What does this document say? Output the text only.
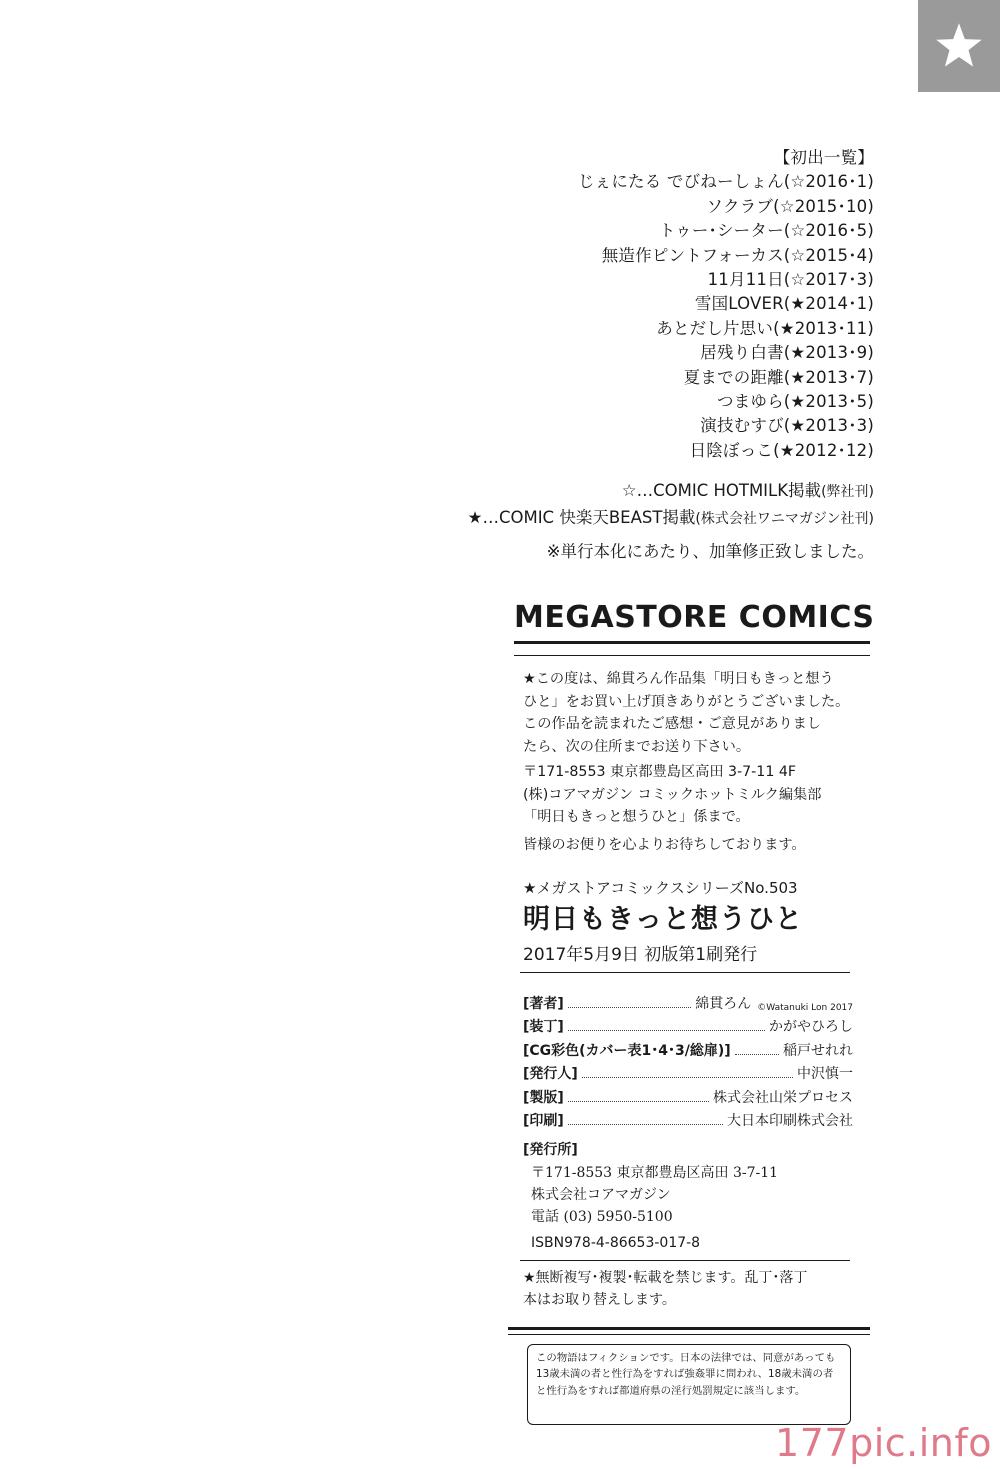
【初出一覧】
じぇにたる でびねーしょん(☆2016･1)
ソクラブ(☆2015･10)
トゥー･シーター(☆2016･5)
無造作ピントフォーカス(☆2015･4)
11月11日(☆2017･3)
雪国LOVER(★2014･1)
あとだし片思い(★2013･11)
居残り白書(★2013･9)
夏までの距離(★2013･7)
つまゆら(★2013･5)
演技むすび(★2013･3)
日陰ぼっこ(★2012･12)
☆…COMIC HOTMILK掲載(弊社刊)
★…COMIC 快楽天BEAST掲載(株式会社ワニマガジン社刊)
※単行本化にあたり、加筆修正致しました。
MEGASTORE COMICS

★この度は、綿貫ろん作品集「明日もきっと想う

ひと」をお買い上げ頂きありがとうございました。

この作品を読まれたご感想・ご意見がありまし

たら、次の住所までお送り下さい。

〒171-8553 東京都豊島区高田 3-7-11 4F

(株)コアマガジン コミックホットミルク編集部

「明日もきっと想うひと」係まで。

皆様のお便りを心よりお待ちしております。

★メガストアコミックスシリーズNo.503
明日もきっと想うひと
2017年5月9日 初版第1刷発行
[著者]	綿貫ろん ©Watanuki Lon 2017
[装丁]	かがやひろし
[CG彩色(カバー表1･4･3/総扉)]	稲戸せれれ
[発行人]	中沢慎一
[製版]	株式会社山栄プロセス
[印刷]	大日本印刷株式会社
[発行所]

〒171-8553 東京都豊島区高田 3-7-11

株式会社コアマガジン

電話 (03) 5950-5100

ISBN978-4-86653-017-8

★無断複写･複製･転載を禁じます。乱丁･落丁

本はお取り替えします。

この物語はフィクションです。日本の法律では、同意があっても
13歳未満の者と性行為をすれば強姦罪に問われ、18歳未満の者
と性行為をすれば都道府県の淫行処罰規定に該当します。
177pic.info
